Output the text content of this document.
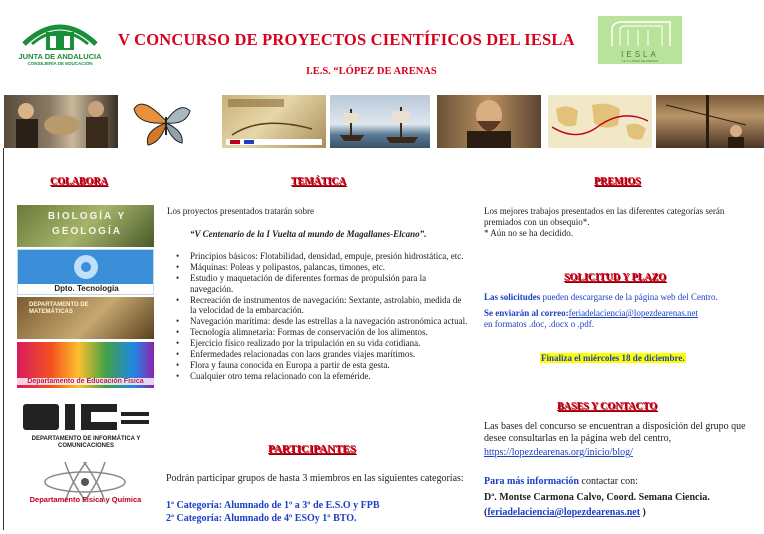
JUNTA DE ANDALUCIA
CONSEJERÍA DE EDUCACIÓN
V CONCURSO DE PROYECTOS CIENTÍFICOS DEL IESLA
I.E.S. “LÓPEZ DE ARENAS
IESLA
I.E.S. LÓPEZ DE ARENAS
COLABORA	TEMÁTICA	PREMIOS
PARTICIPANTES
SOLICITUD Y PLAZO
BASES Y CONTACTO
BIOLOGÍA Y GEOLOGÍA
Dpto. Tecnología
DEPARTAMENTO DE MATEMÁTICAS
Departamento de Educación Física
DEPARTAMENTO DE INFORMÁTICA Y COMUNICACIONES
Departamento Física y Química
Los proyectos presentados tratarán sobre
“V Centenario de la I Vuelta al mundo de Magallanes-Elcano”.
• Principios básicos: Flotabilidad, densidad, empuje, presión hidrostática, etc.
• Máquinas: Poleas y polipastos, palancas, timones, etc.
• Estudio y maquetación de diferentes formas de propulsión para la navegación.
• Recreación de instrumentos de navegación: Sextante, astrolabio, medida de la velocidad de la embarcación.
• Navegación marítima: desde las estrellas a la navegación astronómica actual.
• Tecnología alimnetaria: Formas de conservación de los alimentos.
• Ejercicio físico realizado por la tripulación en su vida cotidiana.
• Enfermedades relacionadas con laos grandes viajes marítimos.
• Flora y fauna conocida en Europa a partir de esta gesta.
• Cualquier otro tema relacionado con la efeméride.
Podrán participar grupos de hasta 3 miembros en las siguientes categorías:
1ª Categoría: Alumnado de 1º a 3º de E.S.O y FPB
2ª Categoría: Alumnado de 4º ESOy 1º BTO.
Los mejores trabajos presentados en las diferentes categorías serán premiados con un obsequio*.
* Aún no se ha decidido.
Las solicitudes pueden descargarse de la página web del Centro.
Se enviarán al correo:feriadelaciencia@lopezdearenas.net
en formatos .doc, .docx o .pdf.
Finaliza el miércoles 18 de diciembre.
Las bases del concurso se encuentran a disposición del grupo que desee consultarlas en la página web del centro,
https://lopezdearenas.org/inicio/blog/
Para más información contactar con:
Dª. Montse Carmona Calvo, Coord. Semana Ciencia.
(feriadelaciencia@lopezdearenas.net )
